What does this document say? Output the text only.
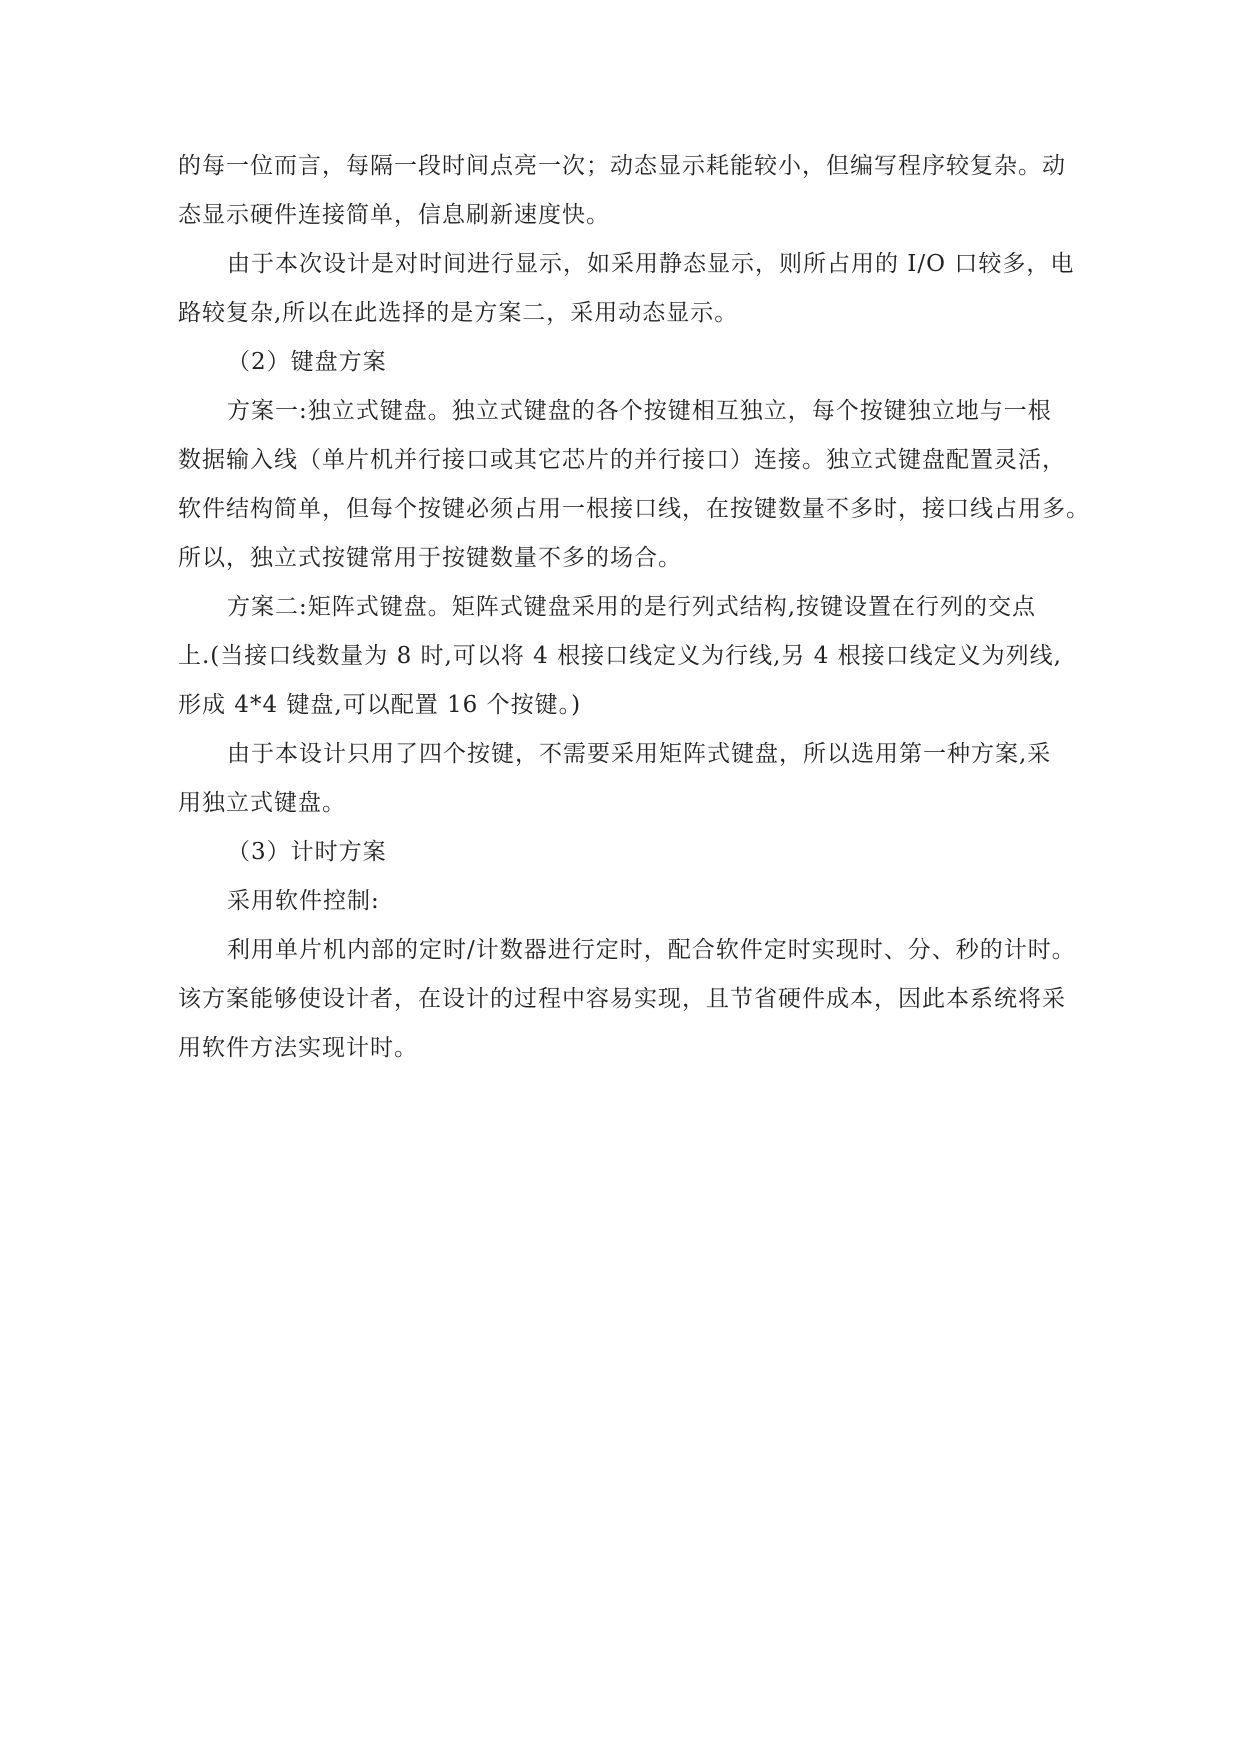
的每一位而言，每隔一段时间点亮一次；动态显示耗能较小，但编写程序较复杂。动
态显示硬件连接简单，信息刷新速度快。
由于本次设计是对时间进行显示，如采用静态显示，则所占用的 I/O 口较多，电
路较复杂,所以在此选择的是方案二，采用动态显示。
（2）键盘方案
方案一:独立式键盘。独立式键盘的各个按键相互独立，每个按键独立地与一根
数据输入线（单片机并行接口或其它芯片的并行接口）连接。独立式键盘配置灵活，
软件结构简单，但每个按键必须占用一根接口线，在按键数量不多时，接口线占用多。
所以，独立式按键常用于按键数量不多的场合。
方案二:矩阵式键盘。矩阵式键盘采用的是行列式结构,按键设置在行列的交点
上.(当接口线数量为 8 时,可以将 4 根接口线定义为行线,另 4 根接口线定义为列线,
形成 4*4 键盘,可以配置 16 个按键。)
由于本设计只用了四个按键，不需要采用矩阵式键盘，所以选用第一种方案,采
用独立式键盘。
（3）计时方案
采用软件控制:
利用单片机内部的定时/计数器进行定时，配合软件定时实现时、分、秒的计时。
该方案能够使设计者，在设计的过程中容易实现，且节省硬件成本，因此本系统将采
用软件方法实现计时。
